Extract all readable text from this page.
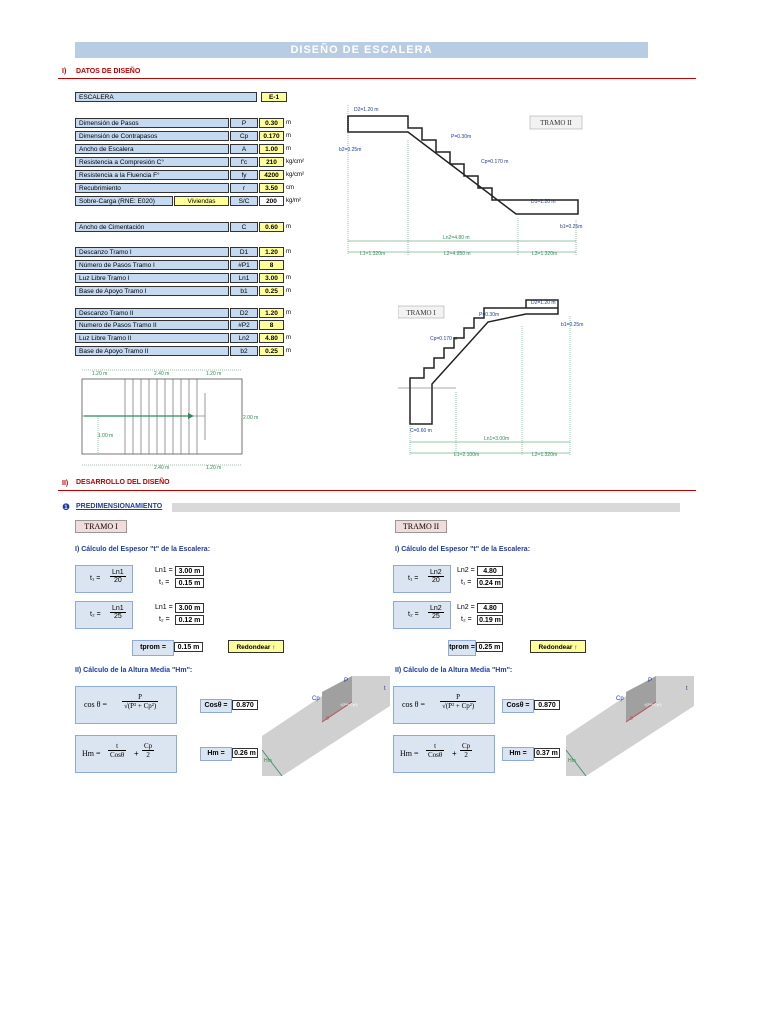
DISEÑO DE ESCALERA
I) DATOS DE DISEÑO
ESCALERA	E-1
Dimensión de Pasos	P	0.30	m
Dimensión de Contrapasos	Cp	0.170	m
Ancho de Escalera	A	1.00	m
Resistencia a Compresión C°	f'c	210	kg/cm²
Resistencia a la Fluencia F°	fy	4200	kg/cm²
Recubrimiento	r	3.50	cm
Sobre-Carga (RNE: E020)	Viviendas	S/C	200	kg/m²
Ancho de Cimentación	C	0.60	m
Descanzo Tramo I	D1	1.20	m
Número de Pasos Tramo I	#P1	8
Luz Libre Tramo I	Ln1	3.00	m
Base de Apoyo Tramo I	b1	0.25	m
Descanzo Tramo II	D2	1.20	m
Numero de Pasos Tramo II	#P2	8
Luz Libre Tramo II	Ln2	4.80	m
Base de Apoyo Tramo II	b2	0.25	m
1.20 m	2.40 m	1.20 m
2.00 m
1.00 m
2.40 m	1.20 m
TRAMO II
D2=1.20 m
b2=0.25m
P=0.30m
Cp=0.170 m
D1=1.20 m
b1=0.25m
Ln2=4.80 m
L1=1.320m	L2=4.950 m	L3=1.320m
TRAMO I
D2=1.20 m
P=0.30m
b1=0.25m
Cp=0.170 m
C=0.60 m
Ln1=3.00m
L1=2.100m	L2=1.320m
II) DESARROLLO DEL DISEÑO
❶ PREDIMENSIONAMIENTO
TRAMO I
I) Cálculo del Espesor "t" de la Escalera:
$t_1 = \frac{Ln1}{20}$	Ln1 = 3.00 m
t₁ =	0.15 m
$t_2 = \frac{Ln1}{25}$	Ln1 = 3.00 m
t₂ =	0.12 m
tprom =	0.15 m	Redondear ↑
II) Cálculo de la Altura Media "Hm":
$\cos \theta = \frac{P}{\text{√(P² + Cp²)}}$	Cosθ =	0.870
Hm =
t
$Cos\theta + \frac{Cp}{2}$	Hm =	0.26 m
P
Cp
t
θ
√(P²+Cp²)
Hm
TRAMO II
I) Cálculo del Espesor "t" de la Escalera:
$t_1 = \frac{Ln2}{20} Ln2$ =	4.80
t₁ = 0.24 m
$t_2 = \frac{Ln2}{25} Ln2$ =	4.80
t₂ = 0.19 m
tprom = 0.25 m	Redondear ↑
II) Cálculo de la Altura Media "Hm":
$\cos \theta = \frac{P}{\text{√(P² + Cp²)}}$	Cosθ =	0.870
Hm =
t
$Cos\theta + \frac{Cp}{2}$	Hm =	0.37 m
P
Cp
t
θ
√(P²+Cp²)
Hm
